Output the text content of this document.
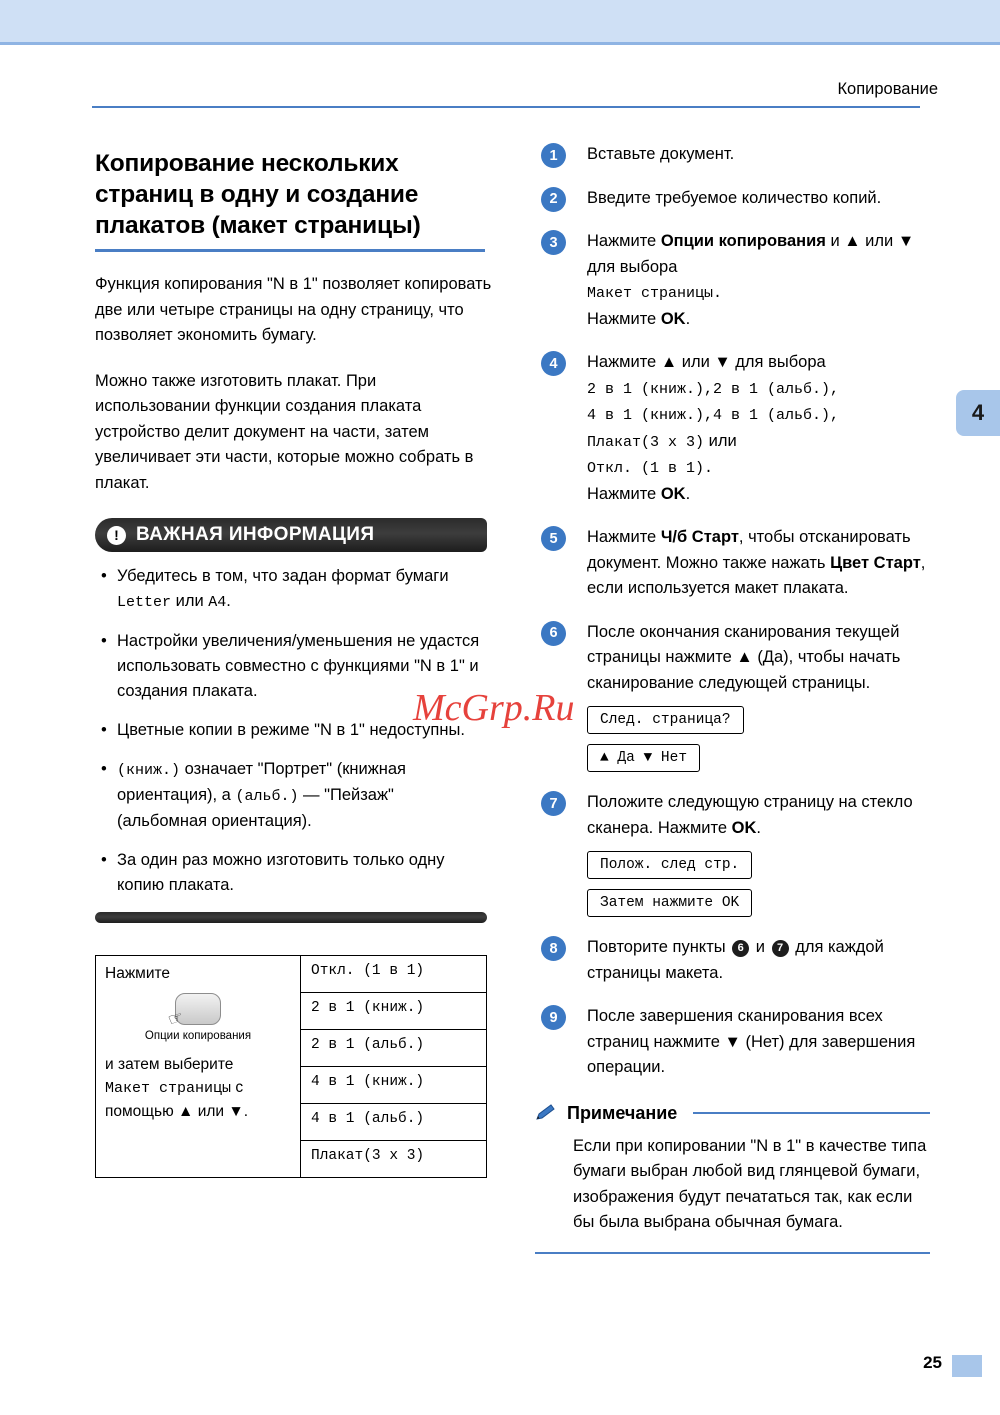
Копирование
4
Копирование нескольких страниц в одну и создание плакатов (макет страницы)

Функция копирования "N в 1" позволяет копировать две или четыре страницы на одну страницу, что позволяет экономить бумагу.

Можно также изготовить плакат. При использовании функции создания плаката устройство делит документ на части, затем увеличивает эти части, которые можно собрать в плакат.

! ВАЖНАЯ ИНФОРМАЦИЯ
• Убедитесь в том, что задан формат бумаги Letter или A4.
• Настройки увеличения/уменьшения не удастся использовать совместно с функциями "N в 1" и создания плаката.
• Цветные копии в режиме "N в 1" недоступны.
• (книж.) означает "Портрет" (книжная ориентация), а (альб.) — "Пейзаж" (альбомная ориентация).
• За один раз можно изготовить только одну копию плаката.
Нажмите
☞
Опции копирования
и затем выберите
Макет страницы с помощью ▲ или ▼.
	Откл. (1 в 1)
2 в 1 (книж.)
2 в 1 (альб.)
4 в 1 (книж.)
4 в 1 (альб.)
Плакат(3 x 3)
1	Вставьте документ.
2	Введите требуемое количество копий.
3	Нажмите Опции копирования и ▲ или ▼ для выбора
Макет страницы.
Нажмите OK.
4	Нажмите ▲ или ▼ для выбора
2 в 1 (книж.),2 в 1 (альб.),
4 в 1 (книж.),4 в 1 (альб.),
Плакат(3 x 3) или
Откл. (1 в 1).
Нажмите OK.
5	Нажмите Ч/б Старт, чтобы отсканировать документ. Можно также нажать Цвет Старт, если используется макет плаката.
6	После окончания сканирования текущей страницы нажмите ▲ (Да), чтобы начать сканирование следующей страницы.
След. страница?
▲ Да ▼ Нет
7	Положите следующую страницу на стекло сканера. Нажмите OK.
Полож. след стр.
Затем нажмите OK
8	Повторите пункты 6 и 7 для каждой страницы макета.
9	После завершения сканирования всех страниц нажмите ▼ (Нет) для завершения операции.
Примечание
Если при копировании "N в 1" в качестве типа бумаги выбран любой вид глянцевой бумаги, изображения будут печататься так, как если бы была выбрана обычная бумага.
McGrp.Ru
25
